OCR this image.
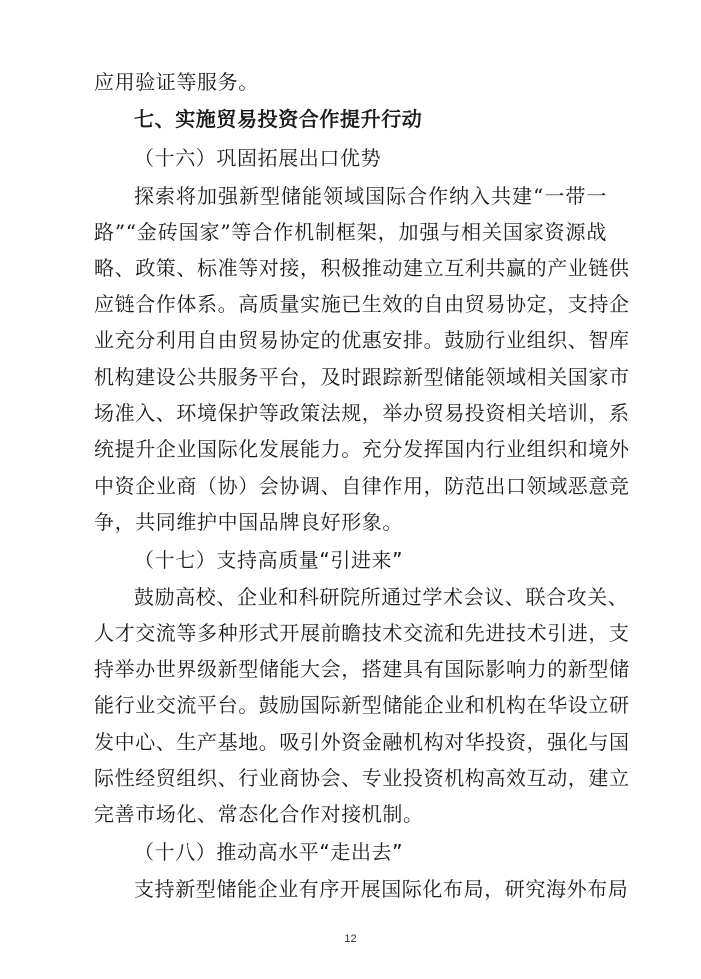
应用验证等服务。
七、实施贸易投资合作提升行动
（十六）巩固拓展出口优势
探索将加强新型储能领域国际合作纳入共建“一带一
路”“金砖国家”等合作机制框架，加强与相关国家资源战
略、政策、标准等对接，积极推动建立互利共赢的产业链供
应链合作体系。高质量实施已生效的自由贸易协定，支持企
业充分利用自由贸易协定的优惠安排。鼓励行业组织、智库
机构建设公共服务平台，及时跟踪新型储能领域相关国家市
场准入、环境保护等政策法规，举办贸易投资相关培训，系
统提升企业国际化发展能力。充分发挥国内行业组织和境外
中资企业商（协）会协调、自律作用，防范出口领域恶意竞
争，共同维护中国品牌良好形象。
（十七）支持高质量“引进来”
鼓励高校、企业和科研院所通过学术会议、联合攻关、
人才交流等多种形式开展前瞻技术交流和先进技术引进，支
持举办世界级新型储能大会，搭建具有国际影响力的新型储
能行业交流平台。鼓励国际新型储能企业和机构在华设立研
发中心、生产基地。吸引外资金融机构对华投资，强化与国
际性经贸组织、行业商协会、专业投资机构高效互动，建立
完善市场化、常态化合作对接机制。
（十八）推动高水平“走出去”
支持新型储能企业有序开展国际化布局，研究海外布局
12
